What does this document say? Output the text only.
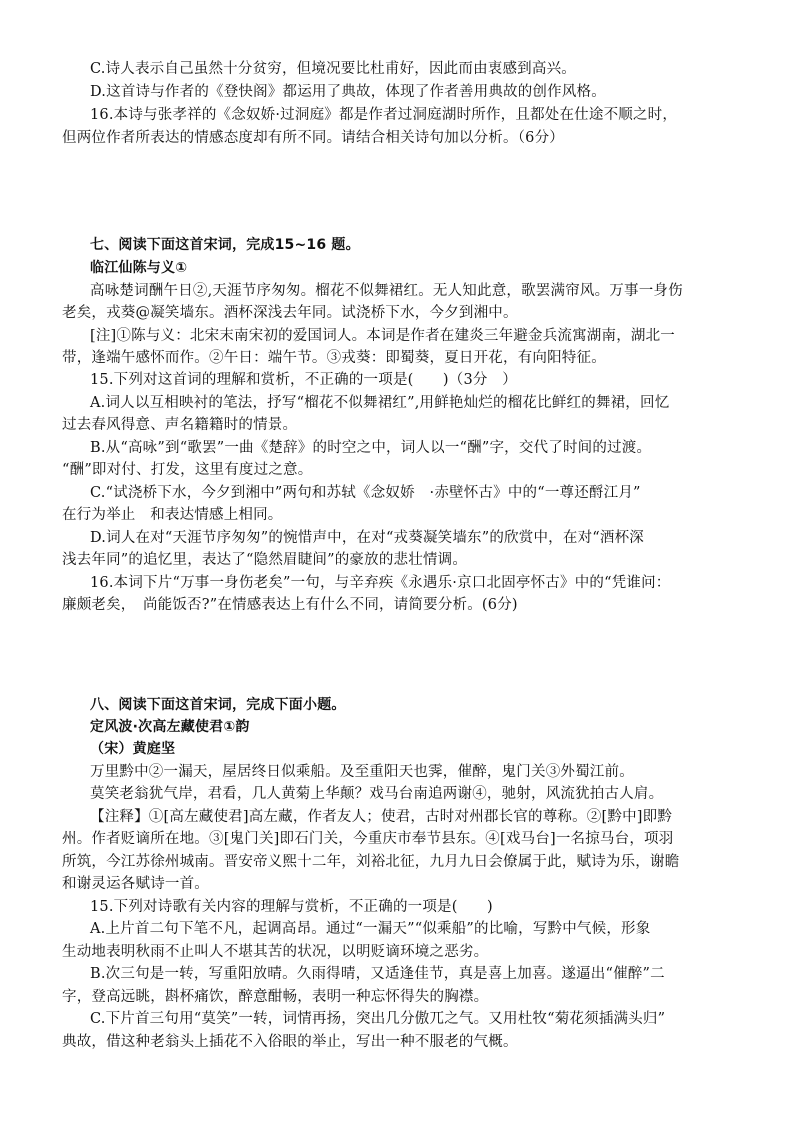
C.诗人表示自己虽然十分贫穷，但境况要比杜甫好，因此而由衷感到高兴。
D.这首诗与作者的《登快阁》都运用了典故，体现了作者善用典故的创作风格。
16.本诗与张孝祥的《念奴娇·过洞庭》都是作者过洞庭湖时所作，且都处在仕途不顺之时，
但两位作者所表达的情感态度却有所不同。请结合相关诗句加以分析。（6分）
七、阅读下面这首宋词，完成15~16 题。
临江仙陈与义①
高咏楚词酬午日②,天涯节序匆匆。榴花不似舞裙红。无人知此意，歌罢满帘风。万事一身伤
老矣，戎葵@凝笑墙东。酒杯深浅去年同。试浇桥下水，今夕到湘中。
[注]①陈与义：北宋末南宋初的爱国词人。本词是作者在建炎三年避金兵流寓湖南，湖北一
带，逢端午感怀而作。②午日：端午节。③戎葵：即蜀葵，夏日开花，有向阳特征。
15.下列对这首词的理解和赏析，不正确的一项是(　　)（3分　）
A.词人以互相映衬的笔法，抒写“榴花不似舞裙红”,用鲜艳灿烂的榴花比鲜红的舞裙，回忆
过去春风得意、声名籍籍时的情景。
B.从“高咏”到“歌罢”一曲《楚辞》的时空之中，词人以一“酬”字，交代了时间的过渡。
“酬”即对付、打发，这里有度过之意。
C.“试浇桥下水，今夕到湘中”两句和苏轼《念奴娇　·赤壁怀古》中的“一尊还酹江月”
在行为举止　和表达情感上相同。
D.词人在对“天涯节序匆匆”的惋惜声中，在对“戎葵凝笑墙东”的欣赏中，在对“酒杯深
浅去年同”的追忆里，表达了“隐然眉睫间”的豪放的悲壮情调。
16.本词下片“万事一身伤老矣”一句，与辛弃疾《永遇乐·京口北固亭怀古》中的“凭谁问：
廉颇老矣，　尚能饭否?”在情感表达上有什么不同，请简要分析。(6分)
八、阅读下面这首宋词，完成下面小题。
定风波·次高左藏使君①韵
（宋）黄庭坚
万里黔中②一漏天，屋居终日似乘船。及至重阳天也霁，催醉，鬼门关③外蜀江前。
莫笑老翁犹气岸，君看，几人黄菊上华颠？戏马台南追两谢④，驰射，风流犹拍古人肩。
【注释】①[高左藏使君]高左藏，作者友人；使君，古时对州郡长官的尊称。②[黔中]即黔
州。作者贬谪所在地。③[鬼门关]即石门关，今重庆市奉节县东。④[戏马台]一名掠马台，项羽
所筑，今江苏徐州城南。晋安帝义熙十二年，刘裕北征，九月九日会僚属于此，赋诗为乐，谢瞻
和谢灵运各赋诗一首。
15.下列对诗歌有关内容的理解与赏析，不正确的一项是(　　)
A.上片首二句下笔不凡，起调高昂。通过“一漏天”“似乘船”的比喻，写黔中气候，形象
生动地表明秋雨不止叫人不堪其苦的状况，以明贬谪环境之恶劣。
B.次三句是一转，写重阳放晴。久雨得晴，又适逢佳节，真是喜上加喜。遂逼出“催醉”二
字，登高远眺，斟杯痛饮，醉意酣畅，表明一种忘怀得失的胸襟。
C.下片首三句用“莫笑”一转，词情再扬，突出几分傲兀之气。又用杜牧“菊花须插满头归”
典故，借这种老翁头上插花不入俗眼的举止，写出一种不服老的气概。
